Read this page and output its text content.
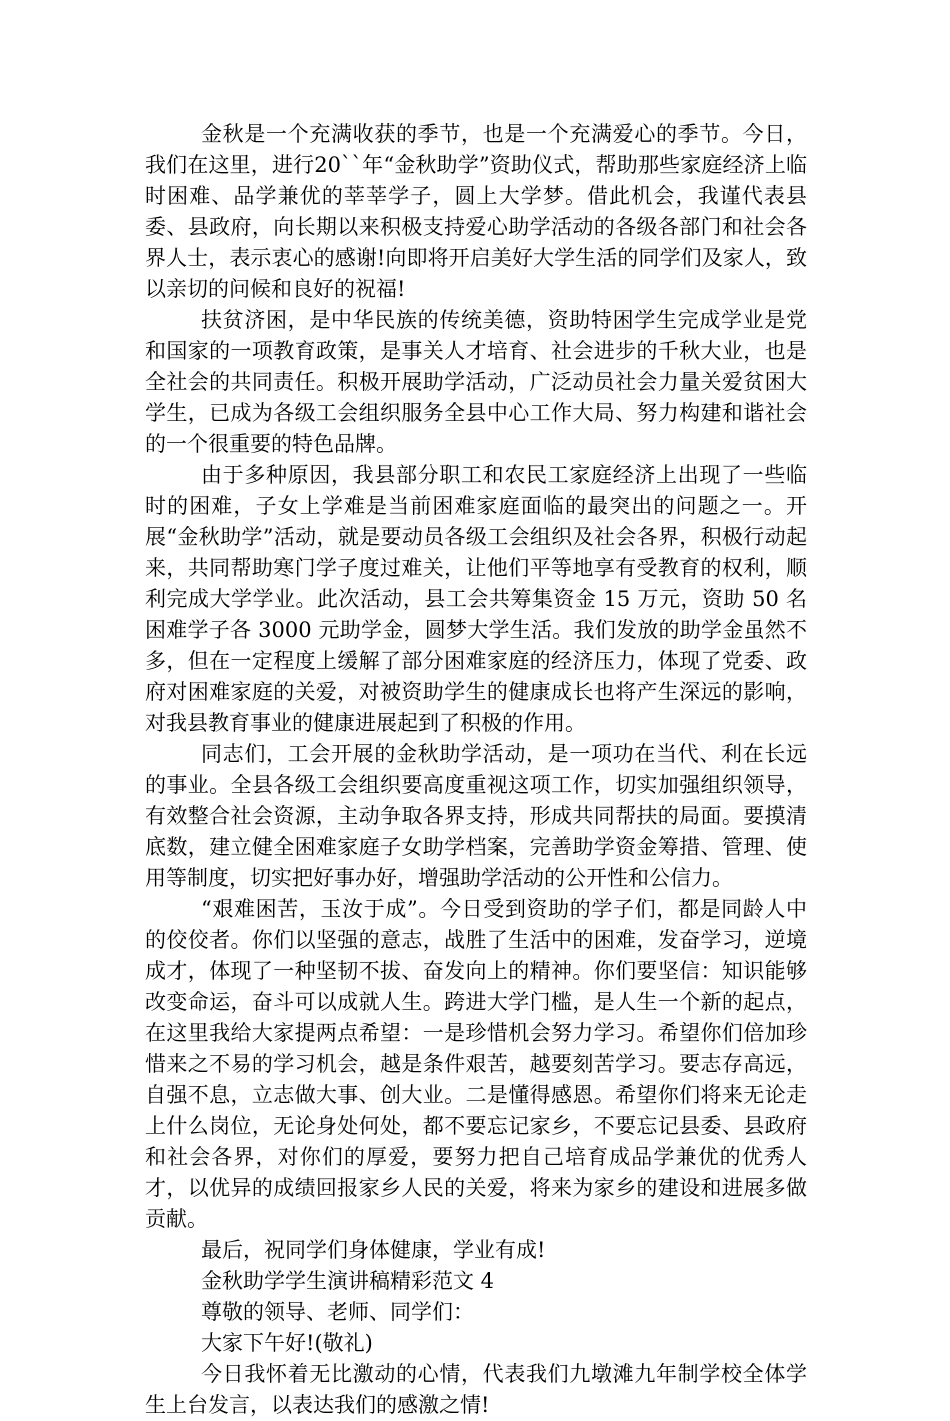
金秋是一个充满收获的季节，也是一个充满爱心的季节。今日，我们在这里，进行20``年“金秋助学”资助仪式，帮助那些家庭经济上临时困难、品学兼优的莘莘学子，圆上大学梦。借此机会，我谨代表县委、县政府，向长期以来积极支持爱心助学活动的各级各部门和社会各界人士，表示衷心的感谢!向即将开启美好大学生活的同学们及家人，致以亲切的问候和良好的祝福!

扶贫济困，是中华民族的传统美德，资助特困学生完成学业是党和国家的一项教育政策，是事关人才培育、社会进步的千秋大业，也是全社会的共同责任。积极开展助学活动，广泛动员社会力量关爱贫困大学生，已成为各级工会组织服务全县中心工作大局、努力构建和谐社会的一个很重要的特色品牌。

由于多种原因，我县部分职工和农民工家庭经济上出现了一些临时的困难，子女上学难是当前困难家庭面临的最突出的问题之一。开展“金秋助学”活动，就是要动员各级工会组织及社会各界，积极行动起来，共同帮助寒门学子度过难关，让他们平等地享有受教育的权利，顺利完成大学学业。此次活动，县工会共筹集资金 15 万元，资助 50 名困难学子各 3000 元助学金，圆梦大学生活。我们发放的助学金虽然不多，但在一定程度上缓解了部分困难家庭的经济压力，体现了党委、政府对困难家庭的关爱，对被资助学生的健康成长也将产生深远的影响，对我县教育事业的健康进展起到了积极的作用。

同志们，工会开展的金秋助学活动，是一项功在当代、利在长远的事业。全县各级工会组织要高度重视这项工作，切实加强组织领导，有效整合社会资源，主动争取各界支持，形成共同帮扶的局面。要摸清底数，建立健全困难家庭子女助学档案，完善助学资金筹措、管理、使用等制度，切实把好事办好，增强助学活动的公开性和公信力。

“艰难困苦，玉汝于成”。今日受到资助的学子们，都是同龄人中的佼佼者。你们以坚强的意志，战胜了生活中的困难，发奋学习，逆境成才，体现了一种坚韧不拔、奋发向上的精神。你们要坚信：知识能够改变命运，奋斗可以成就人生。跨进大学门槛，是人生一个新的起点，在这里我给大家提两点希望：一是珍惜机会努力学习。希望你们倍加珍惜来之不易的学习机会，越是条件艰苦，越要刻苦学习。要志存高远，自强不息，立志做大事、创大业。二是懂得感恩。希望你们将来无论走上什么岗位，无论身处何处，都不要忘记家乡，不要忘记县委、县政府和社会各界，对你们的厚爱，要努力把自己培育成品学兼优的优秀人才，以优异的成绩回报家乡人民的关爱，将来为家乡的建设和进展多做贡献。

最后，祝同学们身体健康，学业有成!

金秋助学学生演讲稿精彩范文 4

尊敬的领导、老师、同学们：

大家下午好!(敬礼)

今日我怀着无比激动的心情，代表我们九墩滩九年制学校全体学生上台发言，以表达我们的感激之情!
